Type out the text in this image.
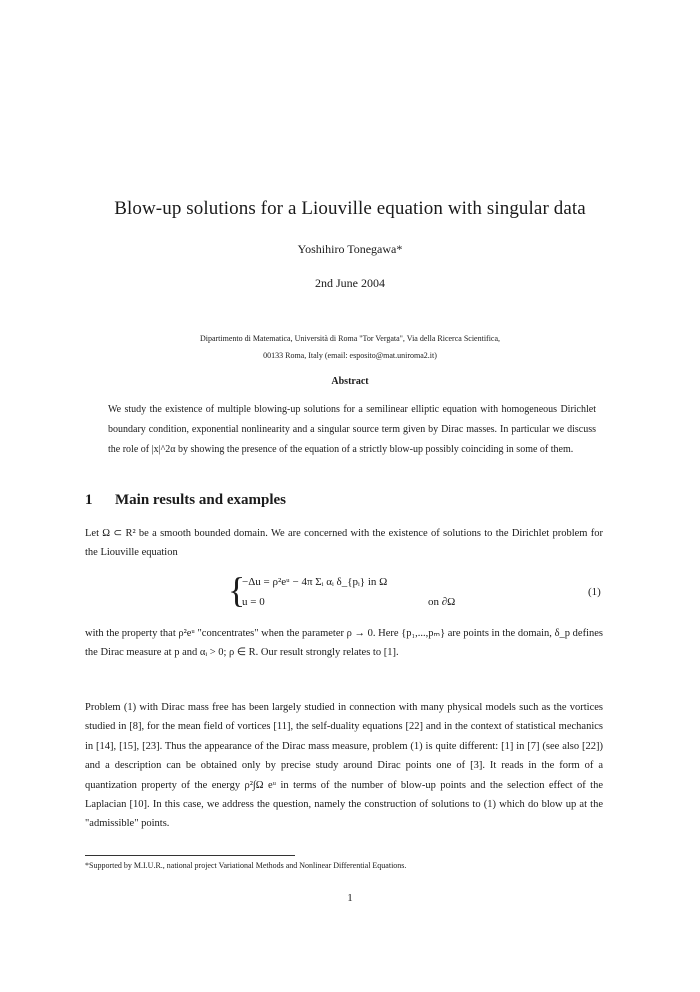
Blow-up solutions for a Liouville equation with singular data
Yoshihiro Tonegawa*
2nd June 2004
Dipartimento di Matematica, Università di Roma "Tor Vergata", Via della Ricerca Scientifica,
00133 Roma, Italy (email: esposito@mat.uniroma2.it)
Abstract
We study the existence of multiple blowing-up solutions for a semilinear elliptic equation with homogeneous Dirichlet boundary condition, exponential nonlinearity and a singular source term given by Dirac masses. In particular we discuss the role of |x|^2α by showing the presence of the equation of a strictly blow-up possibly coinciding in some of them.
1 Main results and examples
Let Ω ⊂ R² be a smooth bounded domain. We are concerned with the existence of solutions to the Dirichlet problem for the Liouville equation
{
−Δu = ρ²eᵘ − 4π Σᵢ αᵢ δ_{pᵢ} in Ω
u = 0	on ∂Ω
(1)
with the property that ρ²eᵘ "concentrates" when the parameter ρ → 0. Here {p₁,...,pₘ} are points in the domain, δ_p defines the Dirac measure at p and αᵢ > 0; ρ ∈ R. Our result strongly relates to [1].
Problem (1) with Dirac mass free has been largely studied in connection with many physical models such as the vortices studied in [8], for the mean field of vortices [11], the self-duality equations [22] and in the context of statistical mechanics in [14], [15], [23]. Thus the appearance of the Dirac mass measure, problem (1) is quite different: [1] in [7] (see also [22]) and a description can be obtained only by precise study around Dirac points one of [3]. It reads in the form of a quantization property of the energy ρ²∫Ω eᵘ in terms of the number of blow-up points and the selection effect of the Laplacian [10]. In this case, we address the question, namely the construction of solutions to (1) which do blow up at the "admissible" points.
*Supported by M.I.U.R., national project Variational Methods and Nonlinear Differential Equations.
1
